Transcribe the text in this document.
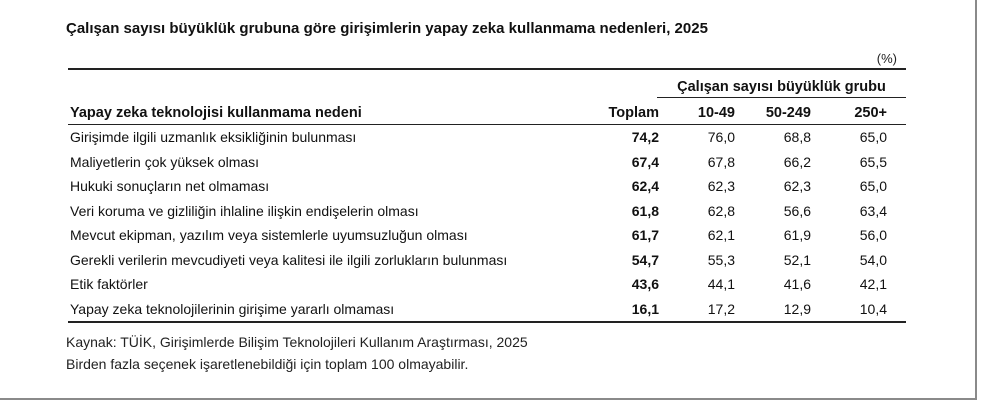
Çalışan sayısı büyüklük grubuna göre girişimlerin yapay zeka kullanmama nedenleri, 2025
(%)
Çalışan sayısı büyüklük grubu
Yapay zeka teknolojisi kullanmama nedeni	Toplam	10-49	50-249	250+
Girişimde ilgili uzmanlık eksikliğinin bulunması	74,2	76,0	68,8	65,0
Maliyetlerin çok yüksek olması	67,4	67,8	66,2	65,5
Hukuki sonuçların net olmaması	62,4	62,3	62,3	65,0
Veri koruma ve gizliliğin ihlaline ilişkin endişelerin olması	61,8	62,8	56,6	63,4
Mevcut ekipman, yazılım veya sistemlerle uyumsuzluğun olması	61,7	62,1	61,9	56,0
Gerekli verilerin mevcudiyeti veya kalitesi ile ilgili zorlukların bulunması	54,7	55,3	52,1	54,0
Etik faktörler	43,6	44,1	41,6	42,1
Yapay zeka teknolojilerinin girişime yararlı olmaması	16,1	17,2	12,9	10,4
Kaynak: TÜİK, Girişimlerde Bilişim Teknolojileri Kullanım Araştırması, 2025
Birden fazla seçenek işaretlenebildiği için toplam 100 olmayabilir.
